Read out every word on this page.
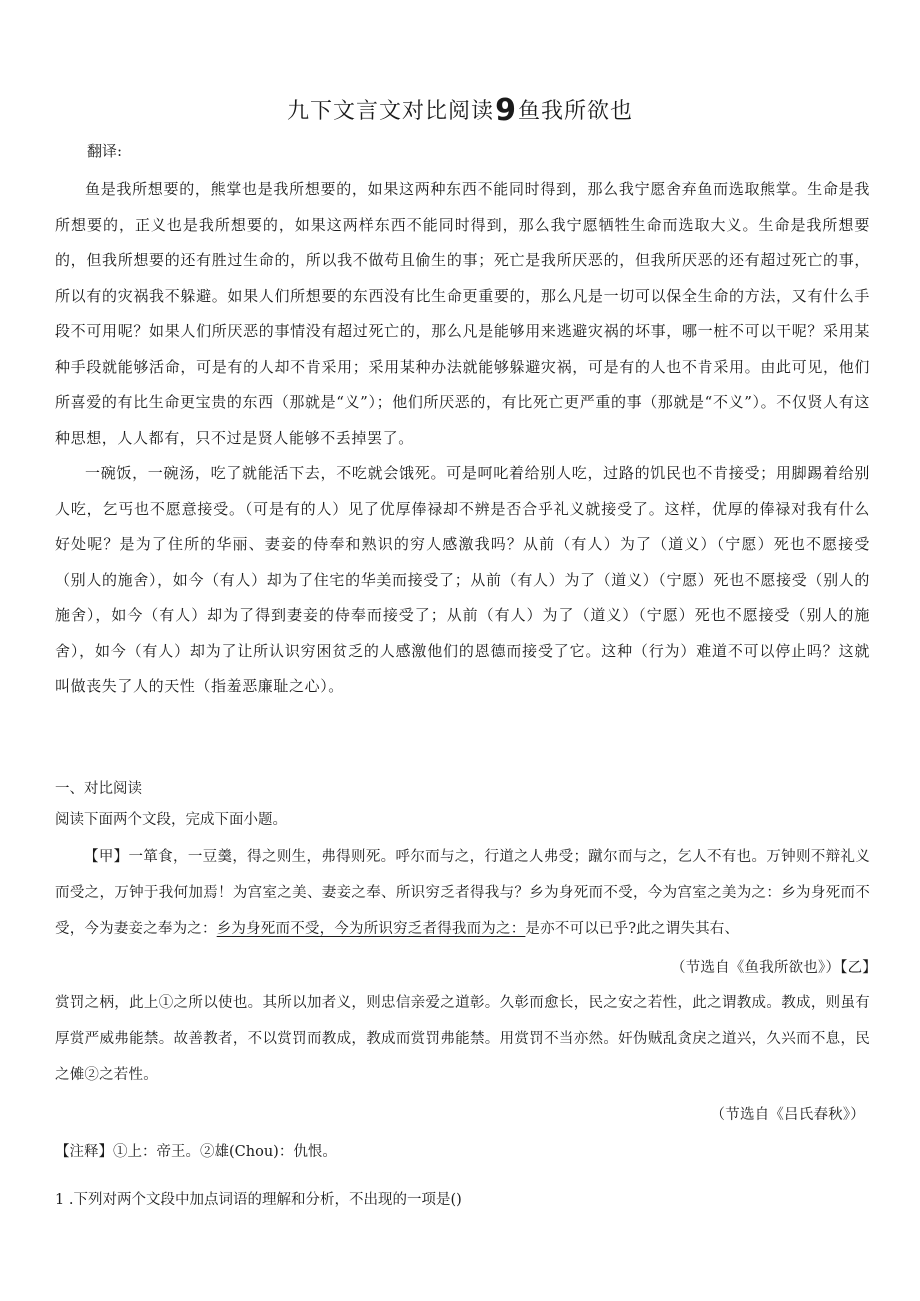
九下文言文对比阅读9鱼我所欲也
翻译:

鱼是我所想要的，熊掌也是我所想要的，如果这两种东西不能同时得到，那么我宁愿舍弃鱼而选取熊掌。生命是我所想要的，正义也是我所想要的，如果这两样东西不能同时得到，那么我宁愿牺牲生命而选取大义。生命是我所想要的，但我所想要的还有胜过生命的，所以我不做苟且偷生的事；死亡是我所厌恶的，但我所厌恶的还有超过死亡的事，所以有的灾祸我不躲避。如果人们所想要的东西没有比生命更重要的，那么凡是一切可以保全生命的方法，又有什么手段不可用呢？如果人们所厌恶的事情没有超过死亡的，那么凡是能够用来逃避灾祸的坏事，哪一桩不可以干呢？采用某种手段就能够活命，可是有的人却不肯采用；采用某种办法就能够躲避灾祸，可是有的人也不肯采用。由此可见，他们所喜爱的有比生命更宝贵的东西（那就是“义”）；他们所厌恶的，有比死亡更严重的事（那就是“不义”）。不仅贤人有这种思想，人人都有，只不过是贤人能够不丢掉罢了。

一碗饭，一碗汤，吃了就能活下去，不吃就会饿死。可是呵叱着给别人吃，过路的饥民也不肯接受；用脚踢着给别人吃，乞丐也不愿意接受。（可是有的人）见了优厚俸禄却不辨是否合乎礼义就接受了。这样，优厚的俸禄对我有什么好处呢？是为了住所的华丽、妻妾的侍奉和熟识的穷人感激我吗？从前（有人）为了（道义）（宁愿）死也不愿接受（别人的施舍），如今（有人）却为了住宅的华美而接受了；从前（有人）为了（道义）（宁愿）死也不愿接受（别人的施舍），如今（有人）却为了得到妻妾的侍奉而接受了；从前（有人）为了（道义）（宁愿）死也不愿接受（别人的施舍），如今（有人）却为了让所认识穷困贫乏的人感激他们的恩德而接受了它。这种（行为）难道不可以停止吗？这就叫做丧失了人的天性（指羞恶廉耻之心）。

一、对比阅读
阅读下面两个文段，完成下面小题。

【甲】一箪食，一豆羹，得之则生，弗得则死。呼尔而与之，行道之人弗受；蹴尔而与之，乞人不有也。万钟则不辩礼义而受之，万钟于我何加焉！为宫室之美、妻妾之奉、所识穷乏者得我与？乡为身死而不受，今为宫室之美为之：乡为身死而不受，今为妻妾之奉为之：乡为身死而不受，今为所识穷乏者得我而为之：是亦不可以已乎?此之谓失其右、

（节选自《鱼我所欲也》）【乙】

赏罚之柄，此上①之所以使也。其所以加者义，则忠信亲爱之道彰。久彰而愈长，民之安之若性，此之谓教成。教成，则虽有厚赏严威弗能禁。故善教者，不以赏罚而教成，教成而赏罚弗能禁。用赏罚不当亦然。奸伪贼乱贪戾之道兴，久兴而不息，民之傩②之若性。

（节选自《吕氏春秋》）
【注释】①上：帝王。②雄(Chou)：仇恨。
1 .下列对两个文段中加点词语的理解和分析，不出现的一项是()
